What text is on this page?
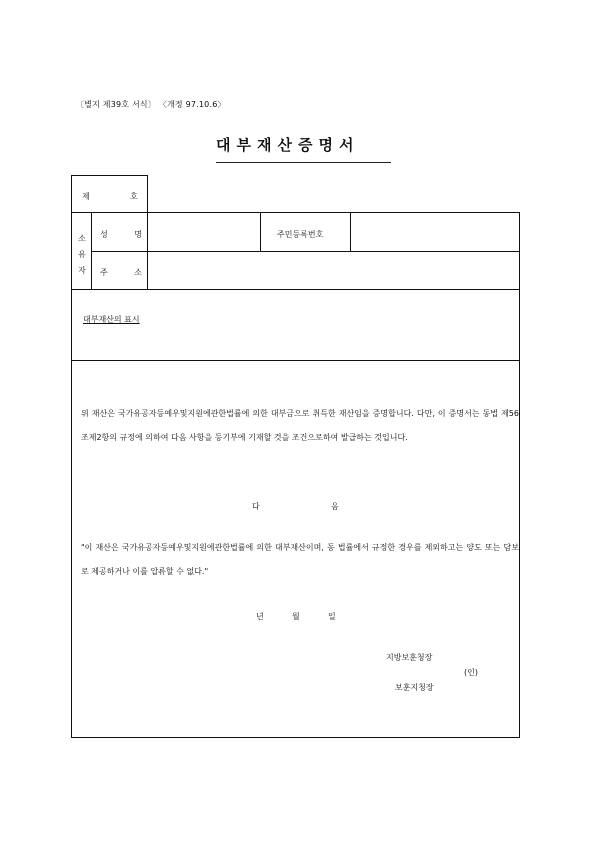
〔별지 제39호 서식〕 〈개정 97.10.6〉
대부재산증명서
제	호
소유자
성 명	주민등록번호
주 소
대부재산의 표시
위 재산은 국가유공자등예우및지원에관한법률에 의한 대부금으로 취득한 재산임을 증명합니다. 다만, 이 증명서는 동법 제56조제2항의 규정에 의하여 다음 사항을 등기부에 기재할 것을 조건으로하여 발급하는 것입니다.
다	음
"이 재산은 국가유공자등예우및지원에관한법률에 의한 대부재산이며, 동 법률에서 규정한 경우를 제외하고는 양도 또는 담보로 제공하거나 이를 압류할 수 없다."
년	월	일
지방보훈청장
(인)
보훈지청장
